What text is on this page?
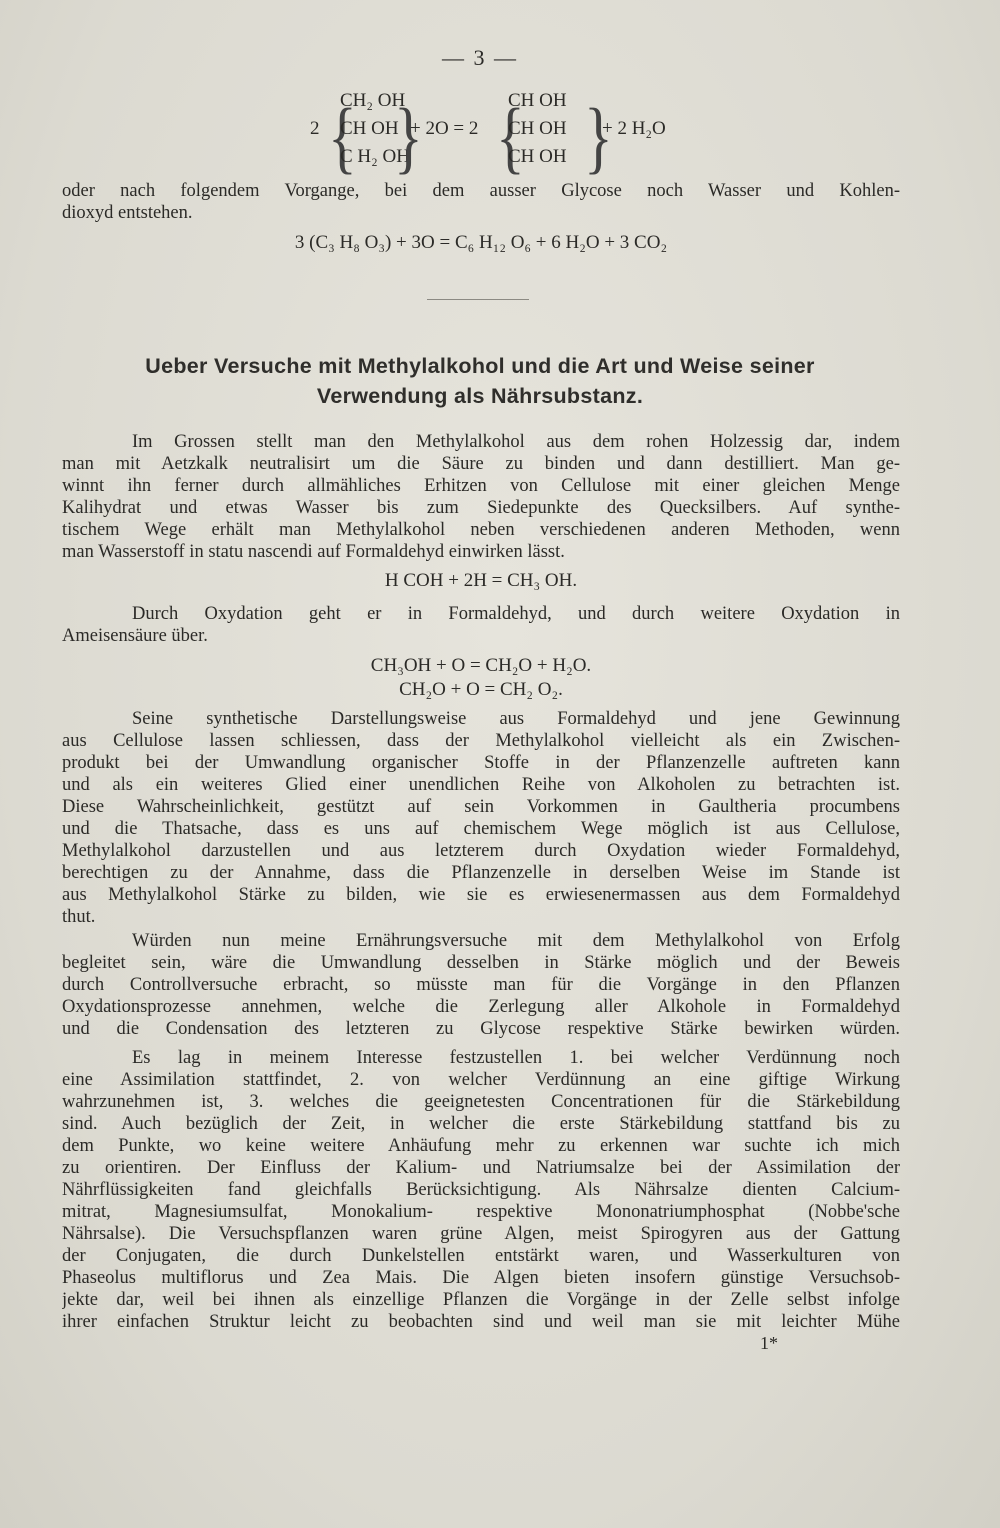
— 3 —
2 {
CH₂ OH
CH OH
C H₂ OH
}
+ 2O = 2 {
CH OH
CH OH
CH OH }
+ 2 H₂O
oder nach folgendem Vorgange, bei dem ausser Glycose noch Wasser und Kohlen-
dioxyd entstehen.
3 (C₃ H₈ O₃) + 3O = C₆ H₁₂ O₆ + 6 H₂O + 3 CO₂
Ueber Versuche mit Methylalkohol und die Art und Weise seiner
Verwendung als Nährsubstanz.
Im Grossen stellt man den Methylalkohol aus dem rohen Holzessig dar, indem
man mit Aetzkalk neutralisirt um die Säure zu binden und dann destilliert. Man ge-
winnt ihn ferner durch allmähliches Erhitzen von Cellulose mit einer gleichen Menge
Kalihydrat und etwas Wasser bis zum Siedepunkte des Quecksilbers. Auf synthe-
tischem Wege erhält man Methylalkohol neben verschiedenen anderen Methoden, wenn
man Wasserstoff in statu nascendi auf Formaldehyd einwirken lässt.
H COH + 2H = CH₃ OH.
Durch Oxydation geht er in Formaldehyd, und durch weitere Oxydation in
Ameisensäure über.
CH₃OH + O = CH₂O + H₂O.
CH₂O + O = CH₂ O₂.
Seine synthetische Darstellungsweise aus Formaldehyd und jene Gewinnung
aus Cellulose lassen schliessen, dass der Methylalkohol vielleicht als ein Zwischen-
produkt bei der Umwandlung organischer Stoffe in der Pflanzenzelle auftreten kann
und als ein weiteres Glied einer unendlichen Reihe von Alkoholen zu betrachten ist.
Diese Wahrscheinlichkeit, gestützt auf sein Vorkommen in Gaultheria procumbens
und die Thatsache, dass es uns auf chemischem Wege möglich ist aus Cellulose,
Methylalkohol darzustellen und aus letzterem durch Oxydation wieder Formaldehyd,
berechtigen zu der Annahme, dass die Pflanzenzelle in derselben Weise im Stande ist
aus Methylalkohol Stärke zu bilden, wie sie es erwiesenermassen aus dem Formaldehyd
thut.
Würden nun meine Ernährungsversuche mit dem Methylalkohol von Erfolg
begleitet sein, wäre die Umwandlung desselben in Stärke möglich und der Beweis
durch Controllversuche erbracht, so müsste man für die Vorgänge in den Pflanzen
Oxydationsprozesse annehmen, welche die Zerlegung aller Alkohole in Formaldehyd
und die Condensation des letzteren zu Glycose respektive Stärke bewirken würden.
Es lag in meinem Interesse festzustellen 1. bei welcher Verdünnung noch
eine Assimilation stattfindet, 2. von welcher Verdünnung an eine giftige Wirkung
wahrzunehmen ist, 3. welches die geeignetesten Concentrationen für die Stärkebildung
sind. Auch bezüglich der Zeit, in welcher die erste Stärkebildung stattfand bis zu
dem Punkte, wo keine weitere Anhäufung mehr zu erkennen war suchte ich mich
zu orientiren. Der Einfluss der Kalium- und Natriumsalze bei der Assimilation der
Nährflüssigkeiten fand gleichfalls Berücksichtigung. Als Nährsalze dienten Calcium-
mitrat, Magnesiumsulfat, Monokalium- respektive Mononatriumphosphat (Nobbe'sche
Nährsalse). Die Versuchspflanzen waren grüne Algen, meist Spirogyren aus der Gattung
der Conjugaten, die durch Dunkelstellen entstärkt waren, und Wasserkulturen von
Phaseolus multiflorus und Zea Mais. Die Algen bieten insofern günstige Versuchsob-
jekte dar, weil bei ihnen als einzellige Pflanzen die Vorgänge in der Zelle selbst infolge
ihrer einfachen Struktur leicht zu beobachten sind und weil man sie mit leichter Mühe
1*
